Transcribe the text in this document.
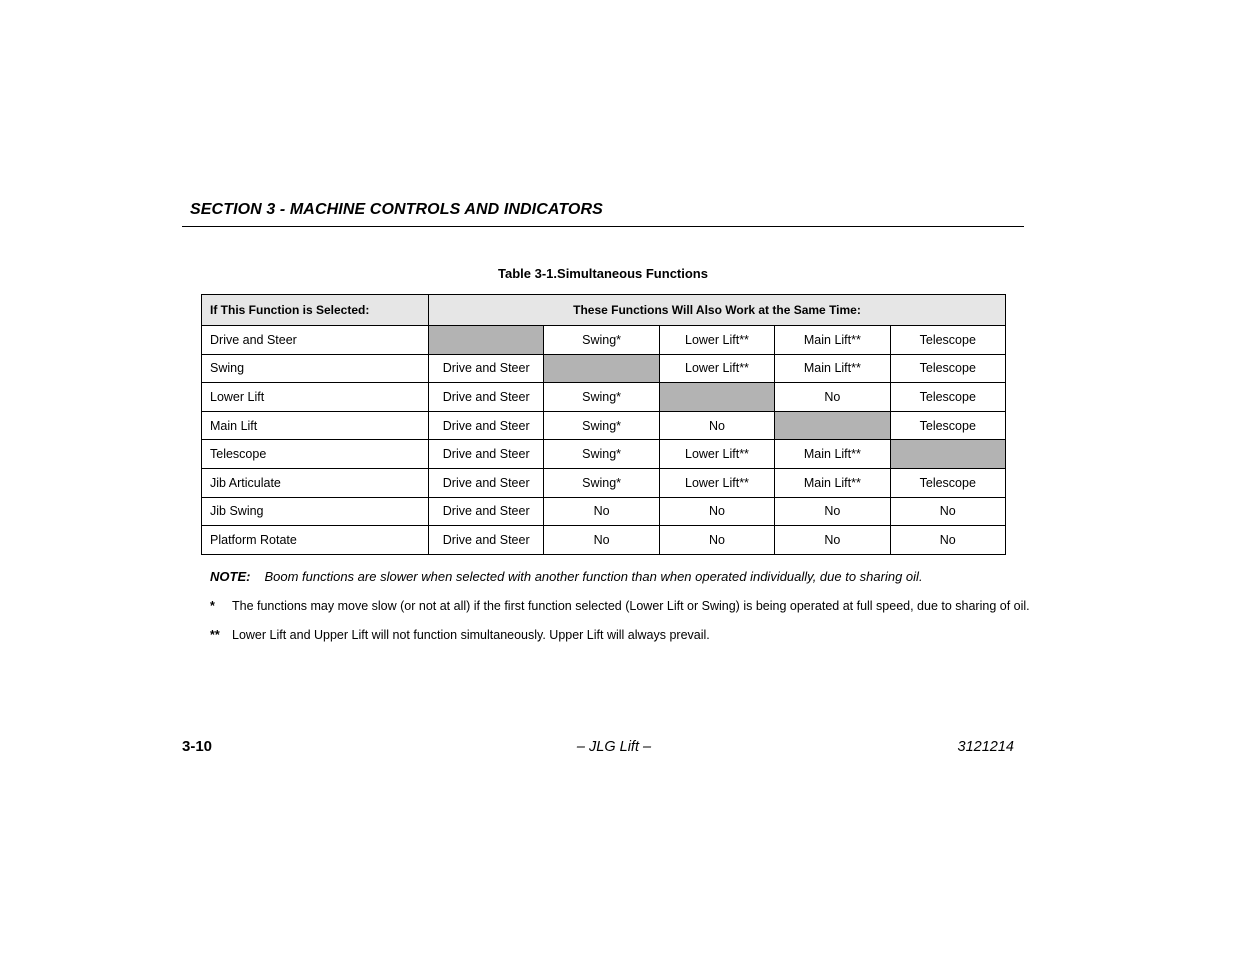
SECTION 3 - MACHINE CONTROLS AND INDICATORS
Table 3-1.Simultaneous Functions
If This Function is Selected:	These Functions Will Also Work at the Same Time:				
Drive and Steer		Swing*	Lower Lift**	Main Lift**	Telescope
Swing	Drive and Steer		Lower Lift**	Main Lift**	Telescope
Lower Lift	Drive and Steer	Swing*		No	Telescope
Main Lift	Drive and Steer	Swing*	No		Telescope
Telescope	Drive and Steer	Swing*	Lower Lift**	Main Lift**	
Jib Articulate	Drive and Steer	Swing*	Lower Lift**	Main Lift**	Telescope
Jib Swing	Drive and Steer	No	No	No	No
Platform Rotate	Drive and Steer	No	No	No	No
NOTE: Boom functions are slower when selected with another function than when operated individually, due to sharing oil.
* The functions may move slow (or not at all) if the first function selected (Lower Lift or Swing) is being operated at full speed, due to sharing of oil.
** Lower Lift and Upper Lift will not function simultaneously. Upper Lift will always prevail.
3-10	– JLG Lift –	3121214
